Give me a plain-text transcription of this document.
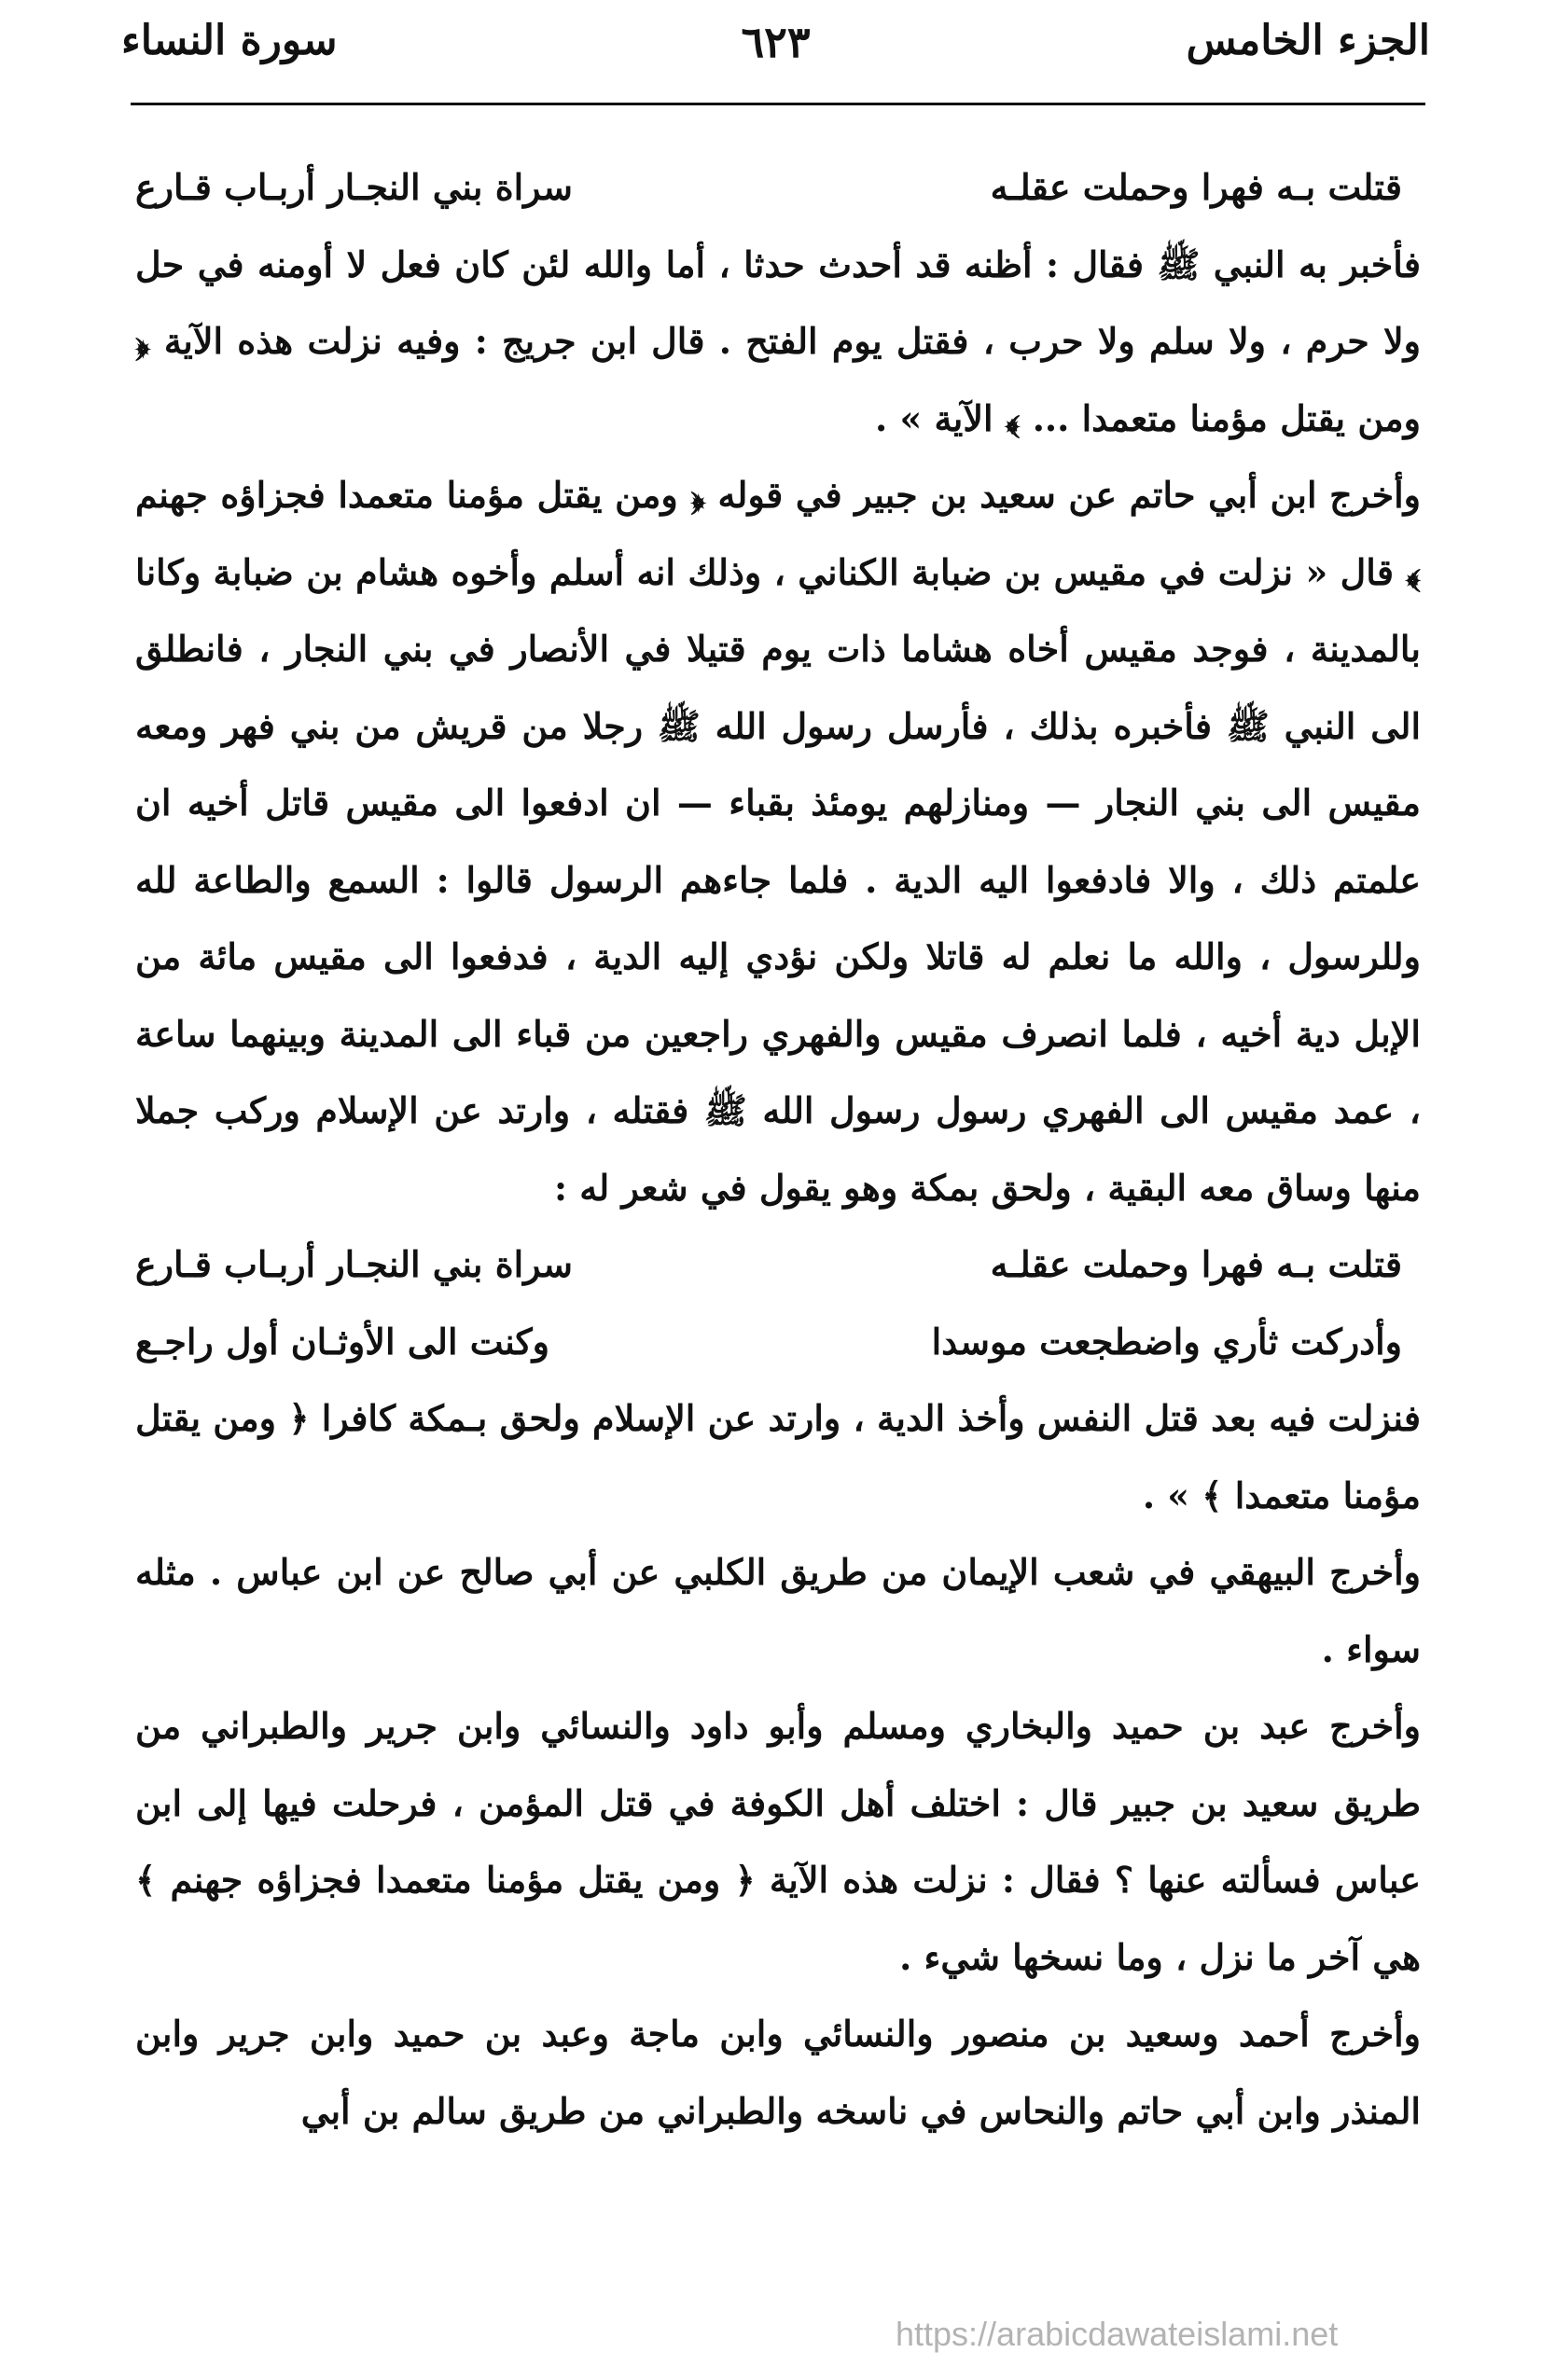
الجزء الخامس
٦٢٣
سورة النساء
قتلت بـه فهرا وحملت عقلـه
سراة بني النجـار أربـاب قـارع

فأخبر به النبي ﷺ فقال : أظنه قد أحدث حدثا ، أما والله لئن كان فعل لا أومنه في حل ولا حرم ، ولا سلم ولا حرب ، فقتل يوم الفتح . قال ابن جريج : وفيه نزلت هذه الآية ﴿ ومن يقتل مؤمنا متعمدا ... ﴾ الآية » .

وأخرج ابن أبي حاتم عن سعيد بن جبير في قوله ﴿ ومن يقتل مؤمنا متعمدا فجزاؤه جهنم ﴾ قال « نزلت في مقيس بن ضبابة الكناني ، وذلك انه أسلم وأخوه هشام بن ضبابة وكانا بالمدينة ، فوجد مقيس أخاه هشاما ذات يوم قتيلا في الأنصار في بني النجار ، فانطلق الى النبي ﷺ فأخبره بذلك ، فأرسل رسول الله ﷺ رجلا من قريش من بني فهر ومعه مقيس الى بني النجار — ومنازلهم يومئذ بقباء — ان ادفعوا الى مقيس قاتل أخيه ان علمتم ذلك ، والا فادفعوا اليه الدية . فلما جاءهم الرسول قالوا : السمع والطاعة لله وللرسول ، والله ما نعلم له قاتلا ولكن نؤدي إليه الدية ، فدفعوا الى مقيس مائة من الإبل دية أخيه ، فلما انصرف مقيس والفهري راجعين من قباء الى المدينة وبينهما ساعة ، عمد مقيس الى الفهري رسول رسول الله ﷺ فقتله ، وارتد عن الإسلام وركب جملا منها وساق معه البقية ، ولحق بمكة وهو يقول في شعر له :

قتلت بـه فهرا وحملت عقلـه
سراة بني النجـار أربـاب قـارع
وأدركت ثأري واضطجعت موسدا
وكنت الى الأوثـان أول راجـع

فنزلت فيه بعد قتل النفس وأخذ الدية ، وارتد عن الإسلام ولحق بـمكة كافرا ﴿ ومن يقتل مؤمنا متعمدا ﴾ » .

وأخرج البيهقي في شعب الإيمان من طريق الكلبي عن أبي صالح عن ابن عباس . مثله سواء .

وأخرج عبد بن حميد والبخاري ومسلم وأبو داود والنسائي وابن جرير والطبراني من طريق سعيد بن جبير قال : اختلف أهل الكوفة في قتل المؤمن ، فرحلت فيها إلى ابن عباس فسألته عنها ؟ فقال : نزلت هذه الآية ﴿ ومن يقتل مؤمنا متعمدا فجزاؤه جهنم ﴾ هي آخر ما نزل ، وما نسخها شيء .

وأخرج أحمد وسعيد بن منصور والنسائي وابن ماجة وعبد بن حميد وابن جرير وابن المنذر وابن أبي حاتم والنحاس في ناسخه والطبراني من طريق سالم بن أبي

https://arabicdawateislami.net
